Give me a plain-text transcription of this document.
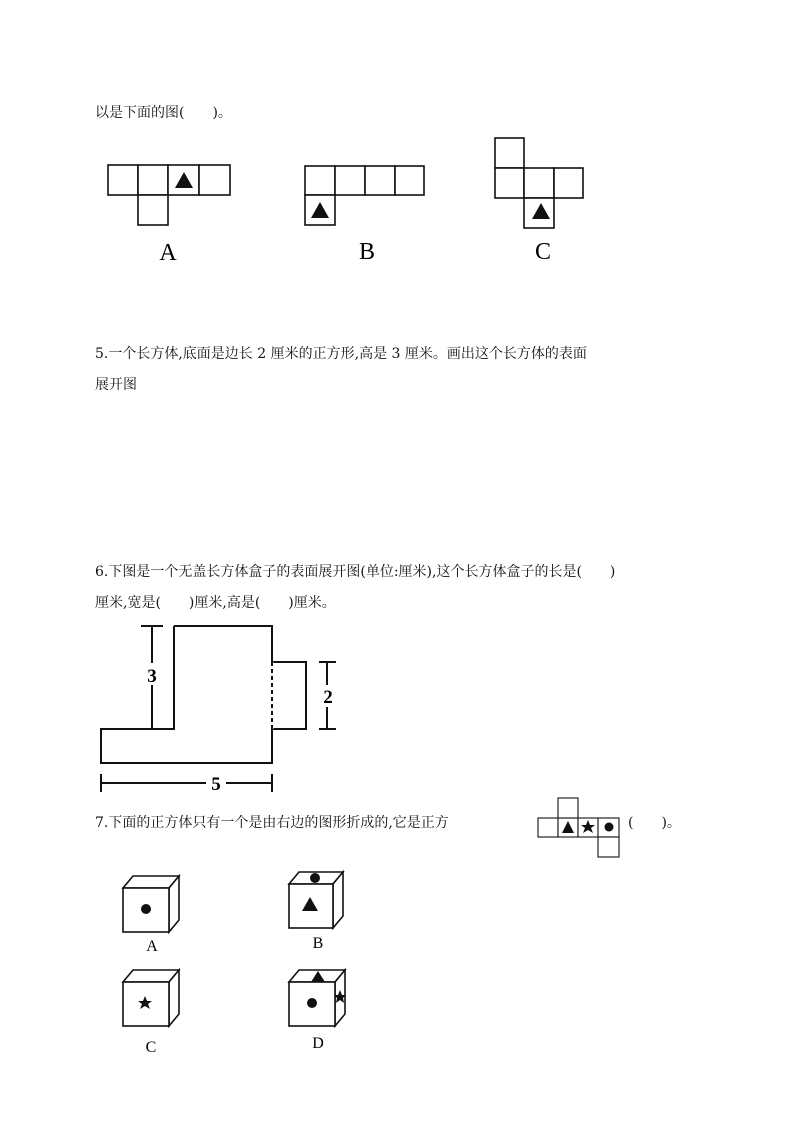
以是下面的图(　　)。
A	B	C
5.一个长方体,底面是边长 2 厘米的正方形,高是 3 厘米。画出这个长方体的表面
展开图
6.下图是一个无盖长方体盒子的表面展开图(单位:厘米),这个长方体盒子的长是(　　)
厘米,宽是(　　)厘米,高是(　　)厘米。
3
2
5
7.下面的正方体只有一个是由右边的图形折成的,它是正方	(　　)。
A	B
C	D
